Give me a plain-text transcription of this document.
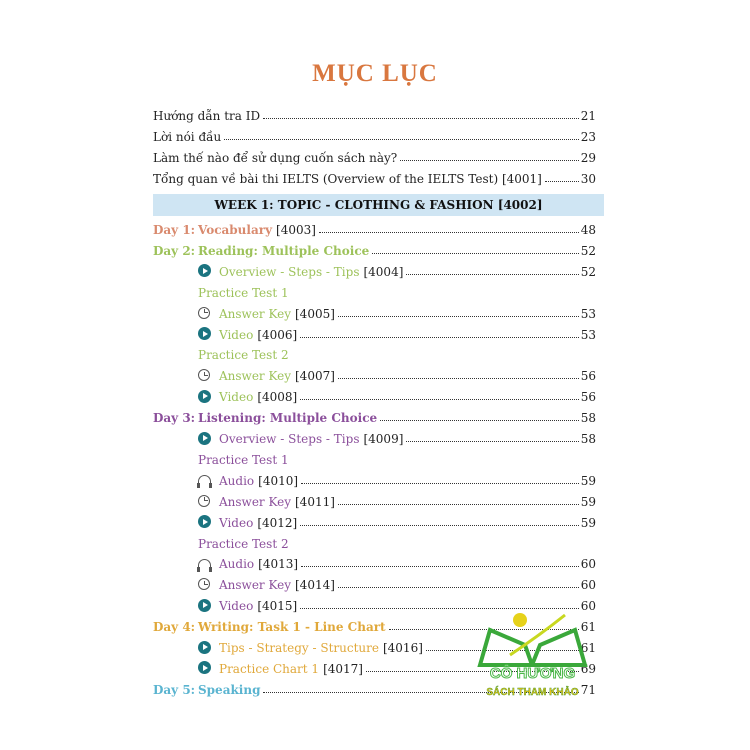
MỤC LỤC
Hướng dẫn tra ID	21
Lời nói đầu	23
Làm thế nào để sử dụng cuốn sách này?	29
Tổng quan về bài thi IELTS (Overview of the IELTS Test) [4001]	30
WEEK 1: TOPIC - CLOTHING & FASHION [4002]
Day 1: Vocabulary [4003]	48
Day 2: Reading: Multiple Choice	52
Overview - Steps - Tips [4004]	52
Practice Test 1
Answer Key [4005]	53
Video [4006]	53
Practice Test 2
Answer Key [4007]	56
Video [4008]	56
Day 3: Listening: Multiple Choice	58
Overview - Steps - Tips [4009]	58
Practice Test 1
Audio [4010]	59
Answer Key [4011]	59
Video [4012]	59
Practice Test 2
Audio [4013]	60
Answer Key [4014]	60
Video [4015]	60
Day 4: Writing: Task 1 - Line Chart	61
Tips - Strategy - Structure [4016]	61
Practice Chart 1 [4017]	69
Day 5: Speaking	71
CÔ HƯƠNG
SÁCH THAM KHẢO
